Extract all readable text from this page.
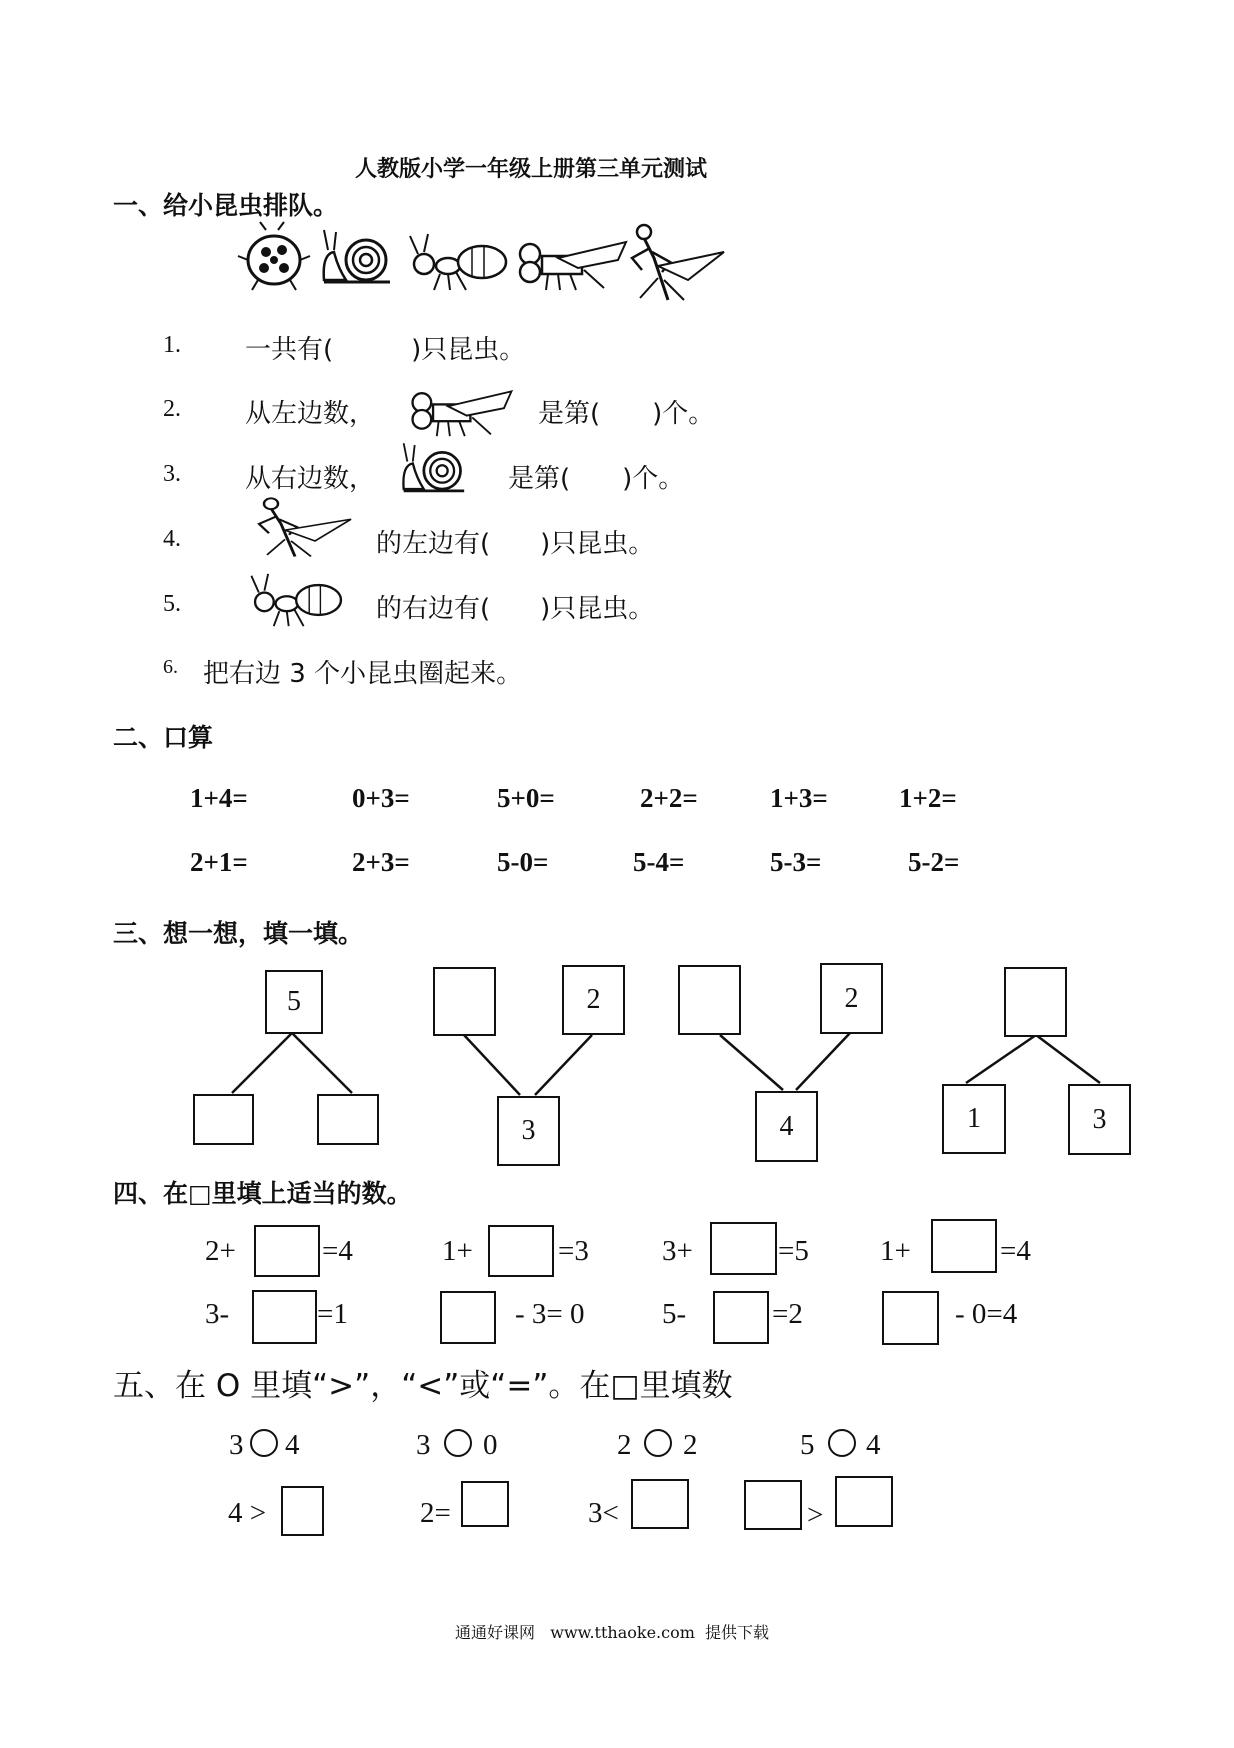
人教版小学一年级上册第三单元测试
一、给小昆虫排队。
1. 一共有(	)只昆虫。
2. 从左边数，	是第( )个。
3. 从右边数，	是第( )个。
4.	的左边有( )只昆虫。
5.	的右边有( )只昆虫。
6. 把右边 3 个小昆虫圈起来。
二、口算
1+4=	0+3=	5+0=	2+2=	1+3=	1+2=
2+1=	2+3=	5-0=	5-4=	5-3=	5-2=
三、想一想，填一填。
5	2
3
2
4	1	3
四、在□里填上适当的数。
2+	=4	1+	=3	3+	=5 1+	=4
3-	=1	- 3= 0	5-	=2	- 0=4
五、在 O 里填“>”，“<”或“=”。在□里填数
3 4	3 0	2 2	5 4
4 >	2=	3<	>
通通好课网   www.tthaoke.com  提供下载
